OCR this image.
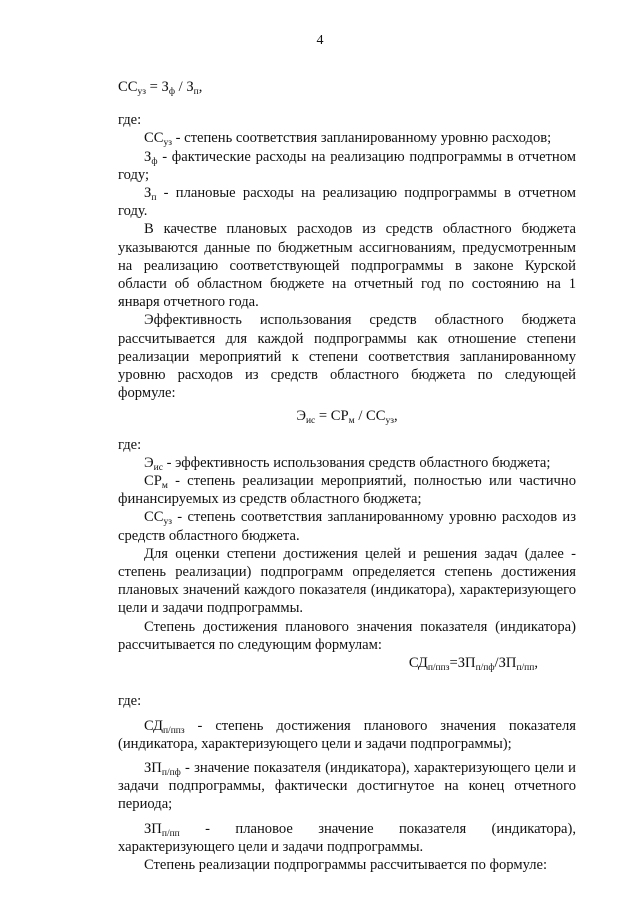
4

$СС_{уз} = З_ф / З_п$,

где:

$СС_{уз}$ - степень соответствия запланированному уровню расходов;

$З_ф$ - фактические расходы на реализацию подпрограммы в отчетном году;

$З_п$ - плановые расходы на реализацию подпрограммы в отчетном году.

В качестве плановых расходов из средств областного бюджета указываются данные по бюджетным ассигнованиям, предусмотренным на реализацию соответствующей подпрограммы в законе Курской области об областном бюджете на отчетный год по состоянию на 1 января отчетного года.

Эффективность использования средств областного бюджета рассчитывается для каждой подпрограммы как отношение степени реализации мероприятий к степени соответствия запланированному уровню расходов из средств областного бюджета по следующей формуле:

$Э_{ис} = СР_м / СС_{уз}$,

где:

$Э_{ис}$ - эффективность использования средств областного бюджета;

$СР_м$ - степень реализации мероприятий, полностью или частично финансируемых из средств областного бюджета;

$СС_{уз}$ - степень соответствия запланированному уровню расходов из средств областного бюджета.

Для оценки степени достижения целей и решения задач (далее - степень реализации) подпрограмм определяется степень достижения плановых значений каждого показателя (индикатора), характеризующего цели и задачи подпрограммы.

Степень достижения планового значения показателя (индикатора) рассчитывается по следующим формулам:

$СД_{п/ппз}=ЗП_{п/пф}/ЗП_{п/пп}$,

где:

$СД_{п/ппз}$ - степень достижения планового значения показателя (индикатора, характеризующего цели и задачи подпрограммы);

$ЗП_{п/пф}$ - значение показателя (индикатора), характеризующего цели и задачи подпрограммы, фактически достигнутое на конец отчетного периода;

$ЗП_{п/пп}$ - плановое значение показателя (индикатора), характеризующего цели и задачи подпрограммы.

Степень реализации подпрограммы рассчитывается по формуле:
